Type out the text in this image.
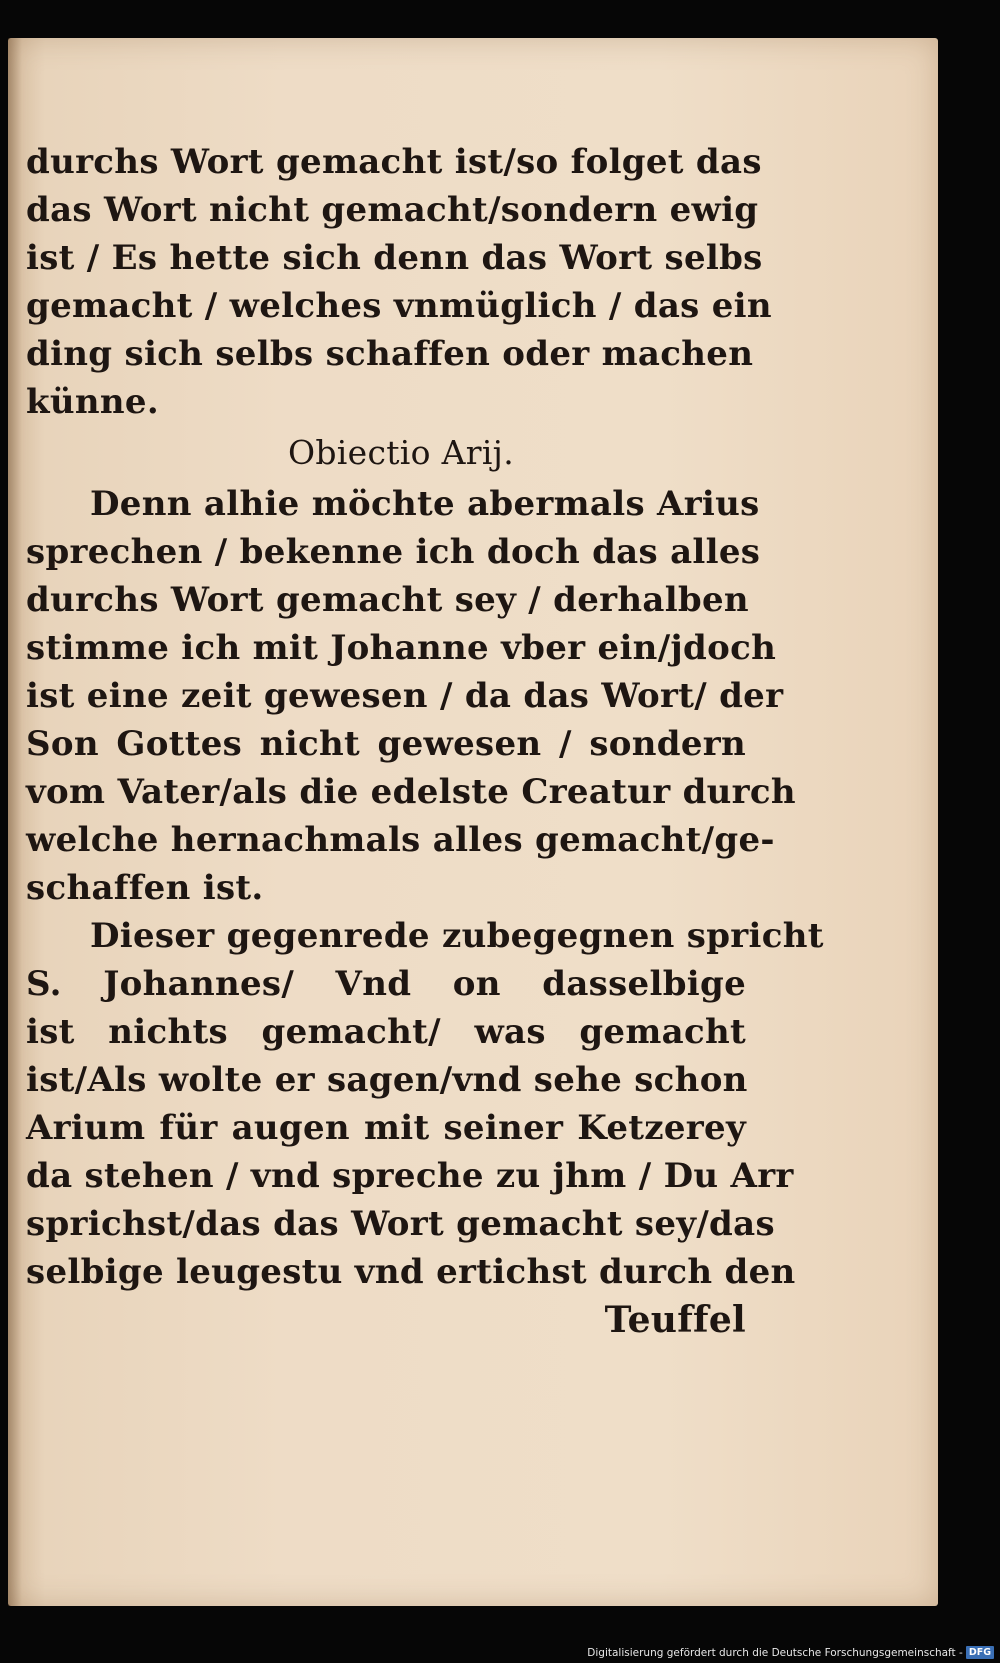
durchs Wort gemacht ist/so folget das
das Wort nicht gemacht/sondern ewig
ist / Es hette sich denn das Wort selbs
gemacht / welches vnmüglich / das ein
ding sich selbs schaffen oder machen
künne.
Obiectio Arij.
Denn alhie möchte abermals Arius
sprechen / bekenne ich doch das alles
durchs Wort gemacht sey / derhalben
stimme ich mit Johanne vber ein/jdoch
ist eine zeit gewesen / da das Wort/ der
Son Gottes nicht gewesen / sondern
vom Vater/als die edelste Creatur durch
welche hernachmals alles gemacht/ge-
schaffen ist.
Dieser gegenrede zubegegnen spricht
S. Johannes/ Vnd on dasselbige
ist nichts gemacht/ was gemacht
ist/Als wolte er sagen/vnd sehe schon
Arium für augen mit seiner Ketzerey
da stehen / vnd spreche zu jhm / Du Arr
sprichst/das das Wort gemacht sey/das
selbige leugestu vnd ertichst durch den
Teuffel
Digitalisierung gefördert durch die Deutsche Forschungsgemeinschaft - DFG
